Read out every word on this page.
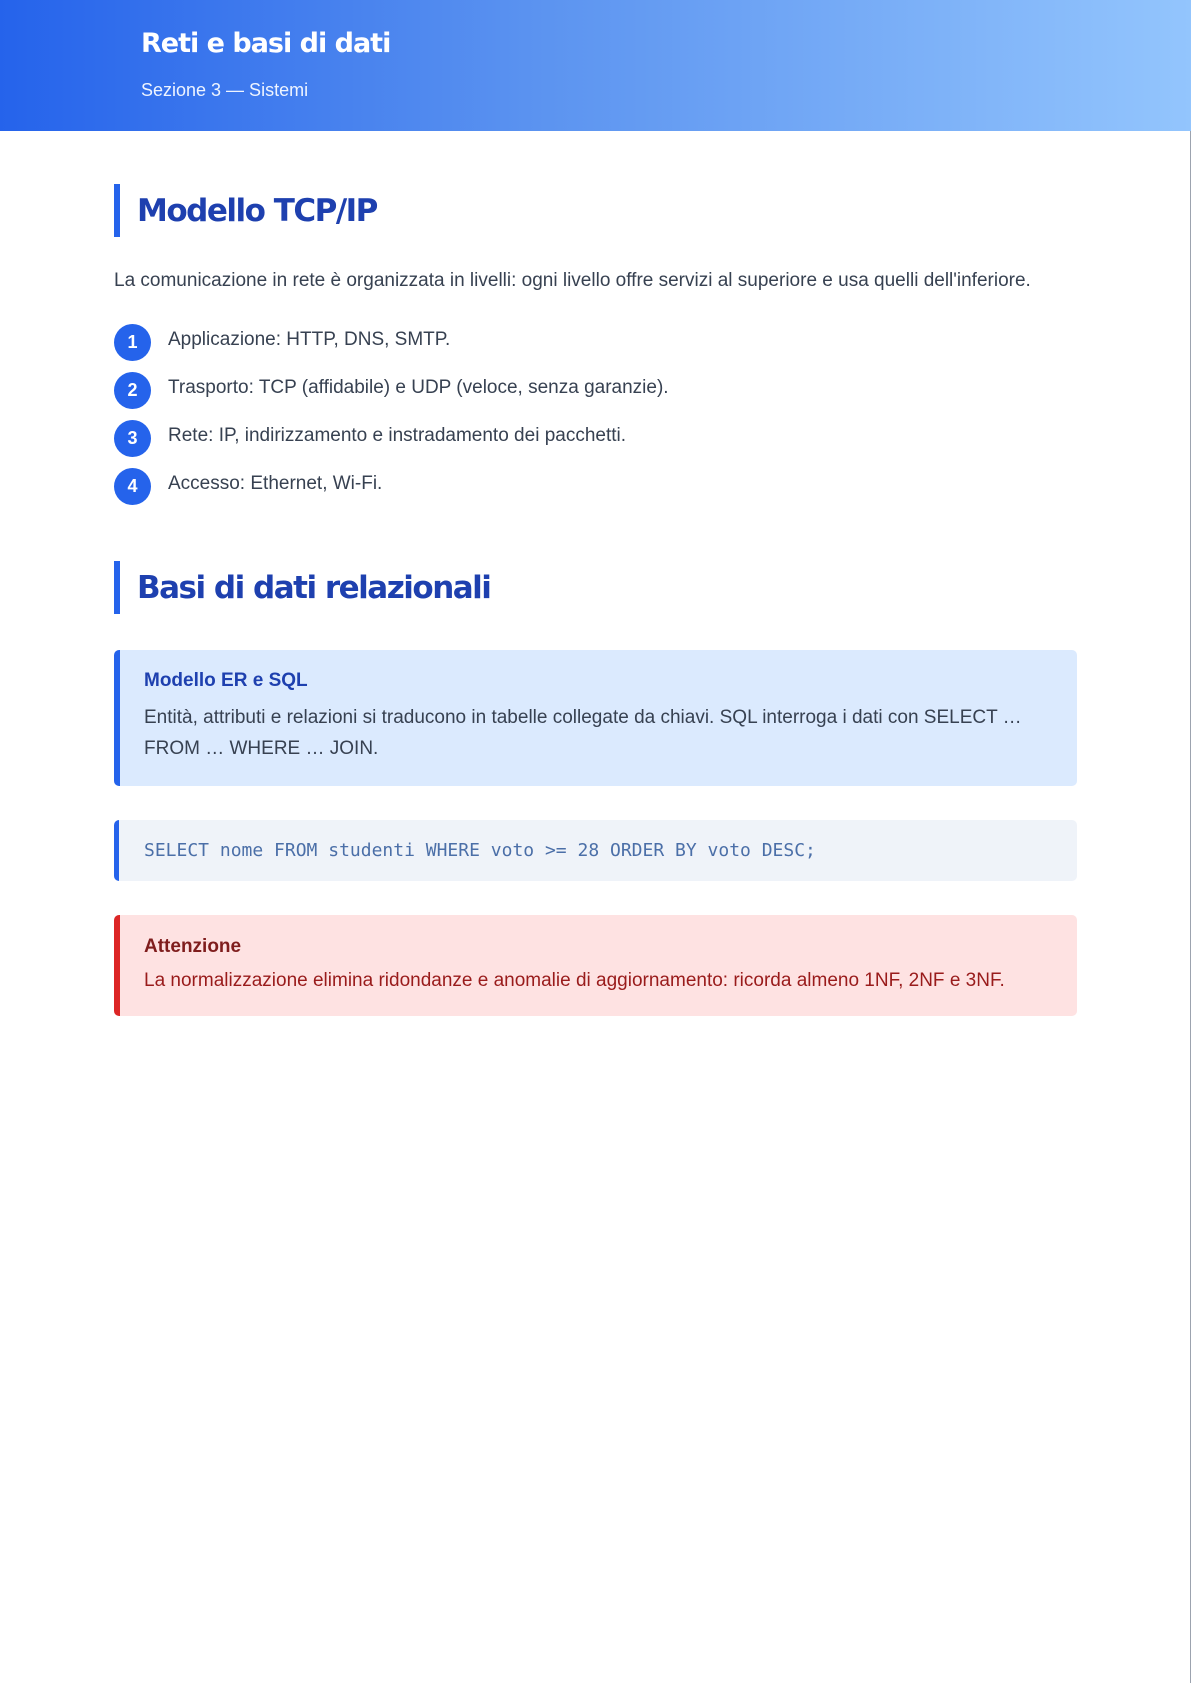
Reti e basi di dati
Sezione 3 — Sistemi
Modello TCP/IP

La comunicazione in rete è organizzata in livelli: ogni livello offre servizi al superiore e usa quelli dell'inferiore.

1	Applicazione: HTTP, DNS, SMTP.
2	Trasporto: TCP (affidabile) e UDP (veloce, senza garanzie).
3	Rete: IP, indirizzamento e instradamento dei pacchetti.
4	Accesso: Ethernet, Wi-Fi.
Basi di dati relazionali
Modello ER e SQL
Entità, attributi e relazioni si traducono in tabelle collegate da chiavi. SQL interroga i dati con SELECT … FROM … WHERE … JOIN.
SELECT nome FROM studenti WHERE voto >= 28 ORDER BY voto DESC;
Attenzione
La normalizzazione elimina ridondanze e anomalie di aggiornamento: ricorda almeno 1NF, 2NF e 3NF.
